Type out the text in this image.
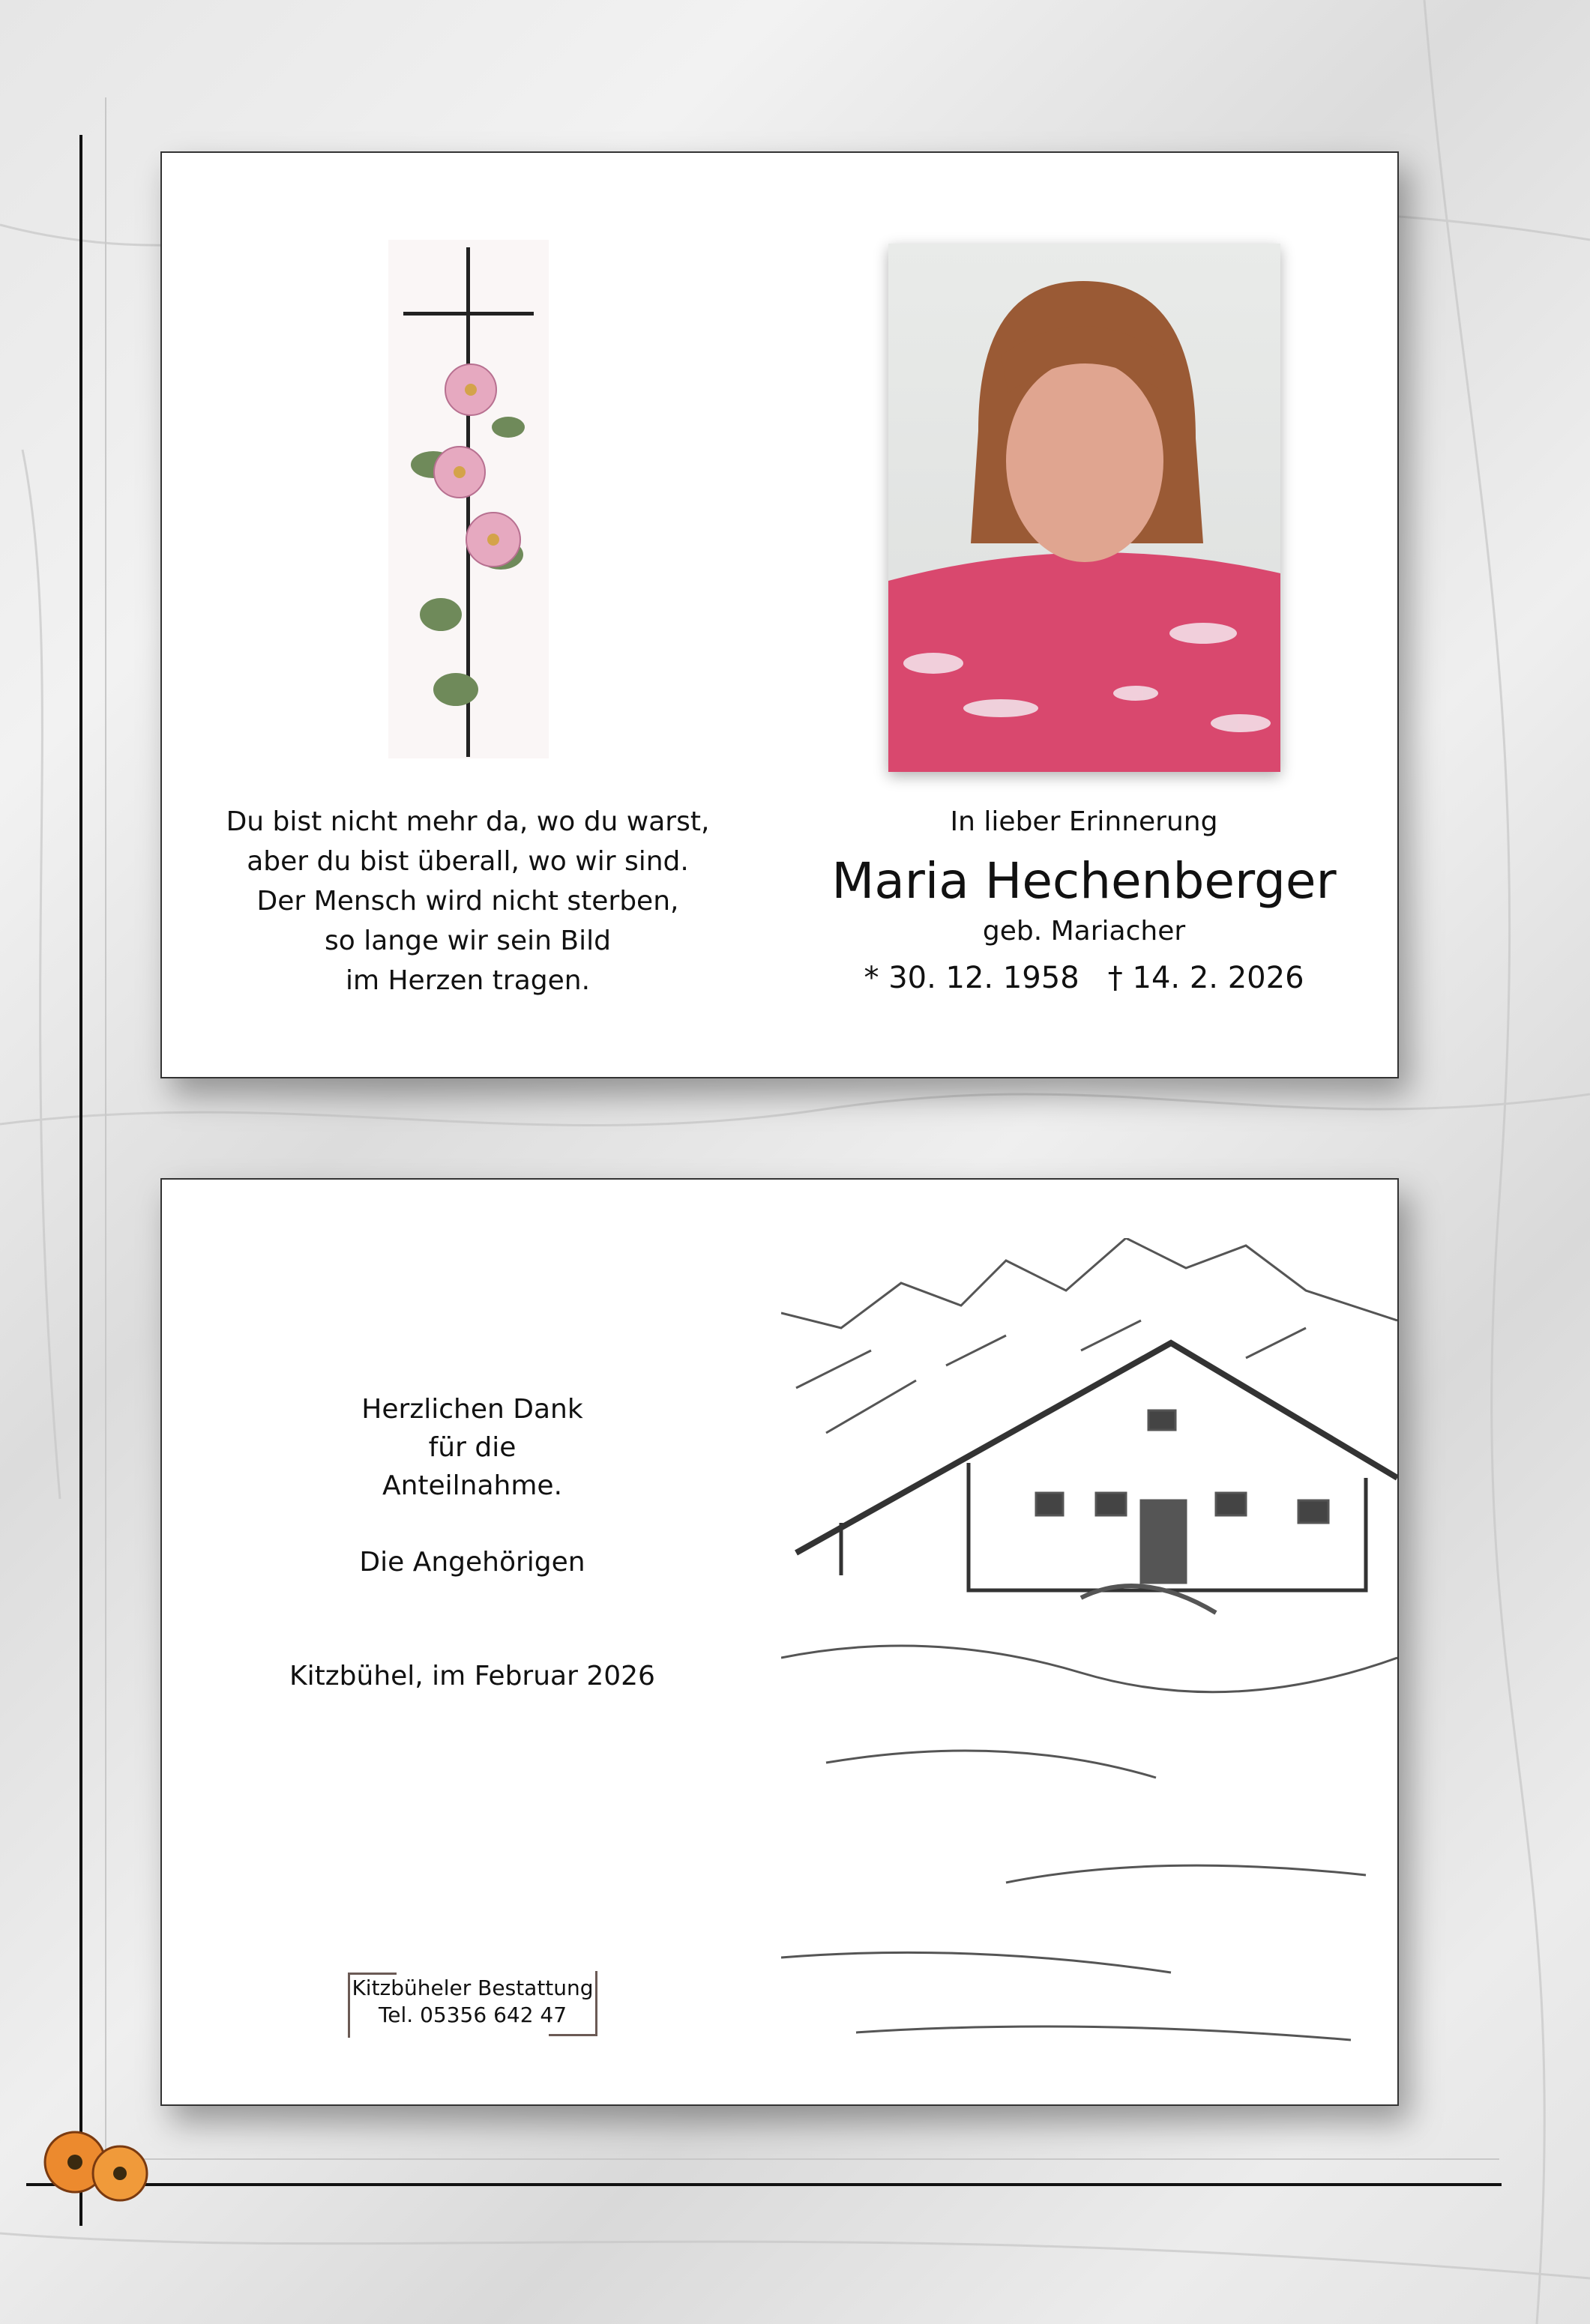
Du bist nicht mehr da, wo du warst,
aber du bist überall, wo wir sind.
Der Mensch wird nicht sterben,
so lange wir sein Bild
im Herzen tragen.
In lieber Erinnerung
Maria Hechenberger
geb. Mariacher
* 30. 12. 1958   † 14. 2. 2026
Herzlichen Dank
für die
Anteilnahme.
Die Angehörigen
Kitzbühel, im Februar 2026
Kitzbüheler Bestattung
Tel. 05356 642 47
